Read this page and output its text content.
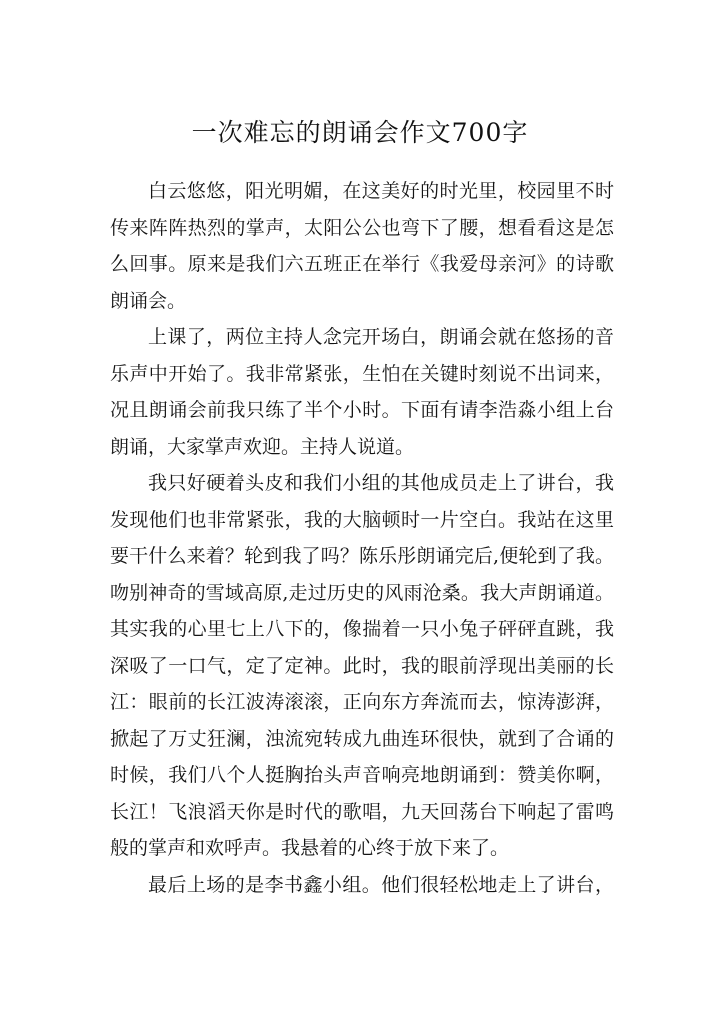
一次难忘的朗诵会作文700字
白云悠悠，阳光明媚，在这美好的时光里，校园里不时
传来阵阵热烈的掌声，太阳公公也弯下了腰，想看看这是怎
么回事。原来是我们六五班正在举行《我爱母亲河》的诗歌
朗诵会。
上课了，两位主持人念完开场白，朗诵会就在悠扬的音
乐声中开始了。我非常紧张，生怕在关键时刻说不出词来，
况且朗诵会前我只练了半个小时。下面有请李浩淼小组上台
朗诵，大家掌声欢迎。主持人说道。
我只好硬着头皮和我们小组的其他成员走上了讲台，我
发现他们也非常紧张，我的大脑顿时一片空白。我站在这里
要干什么来着？轮到我了吗？陈乐彤朗诵完后,便轮到了我。
吻别神奇的雪域高原,走过历史的风雨沧桑。我大声朗诵道。
其实我的心里七上八下的，像揣着一只小兔子砰砰直跳，我
深吸了一口气，定了定神。此时，我的眼前浮现出美丽的长
江：眼前的长江波涛滚滚，正向东方奔流而去，惊涛澎湃，
掀起了万丈狂澜，浊流宛转成九曲连环很快，就到了合诵的
时候，我们八个人挺胸抬头声音响亮地朗诵到：赞美你啊，
长江！飞浪滔天你是时代的歌唱，九天回荡台下响起了雷鸣
般的掌声和欢呼声。我悬着的心终于放下来了。
最后上场的是李书鑫小组。他们很轻松地走上了讲台，
